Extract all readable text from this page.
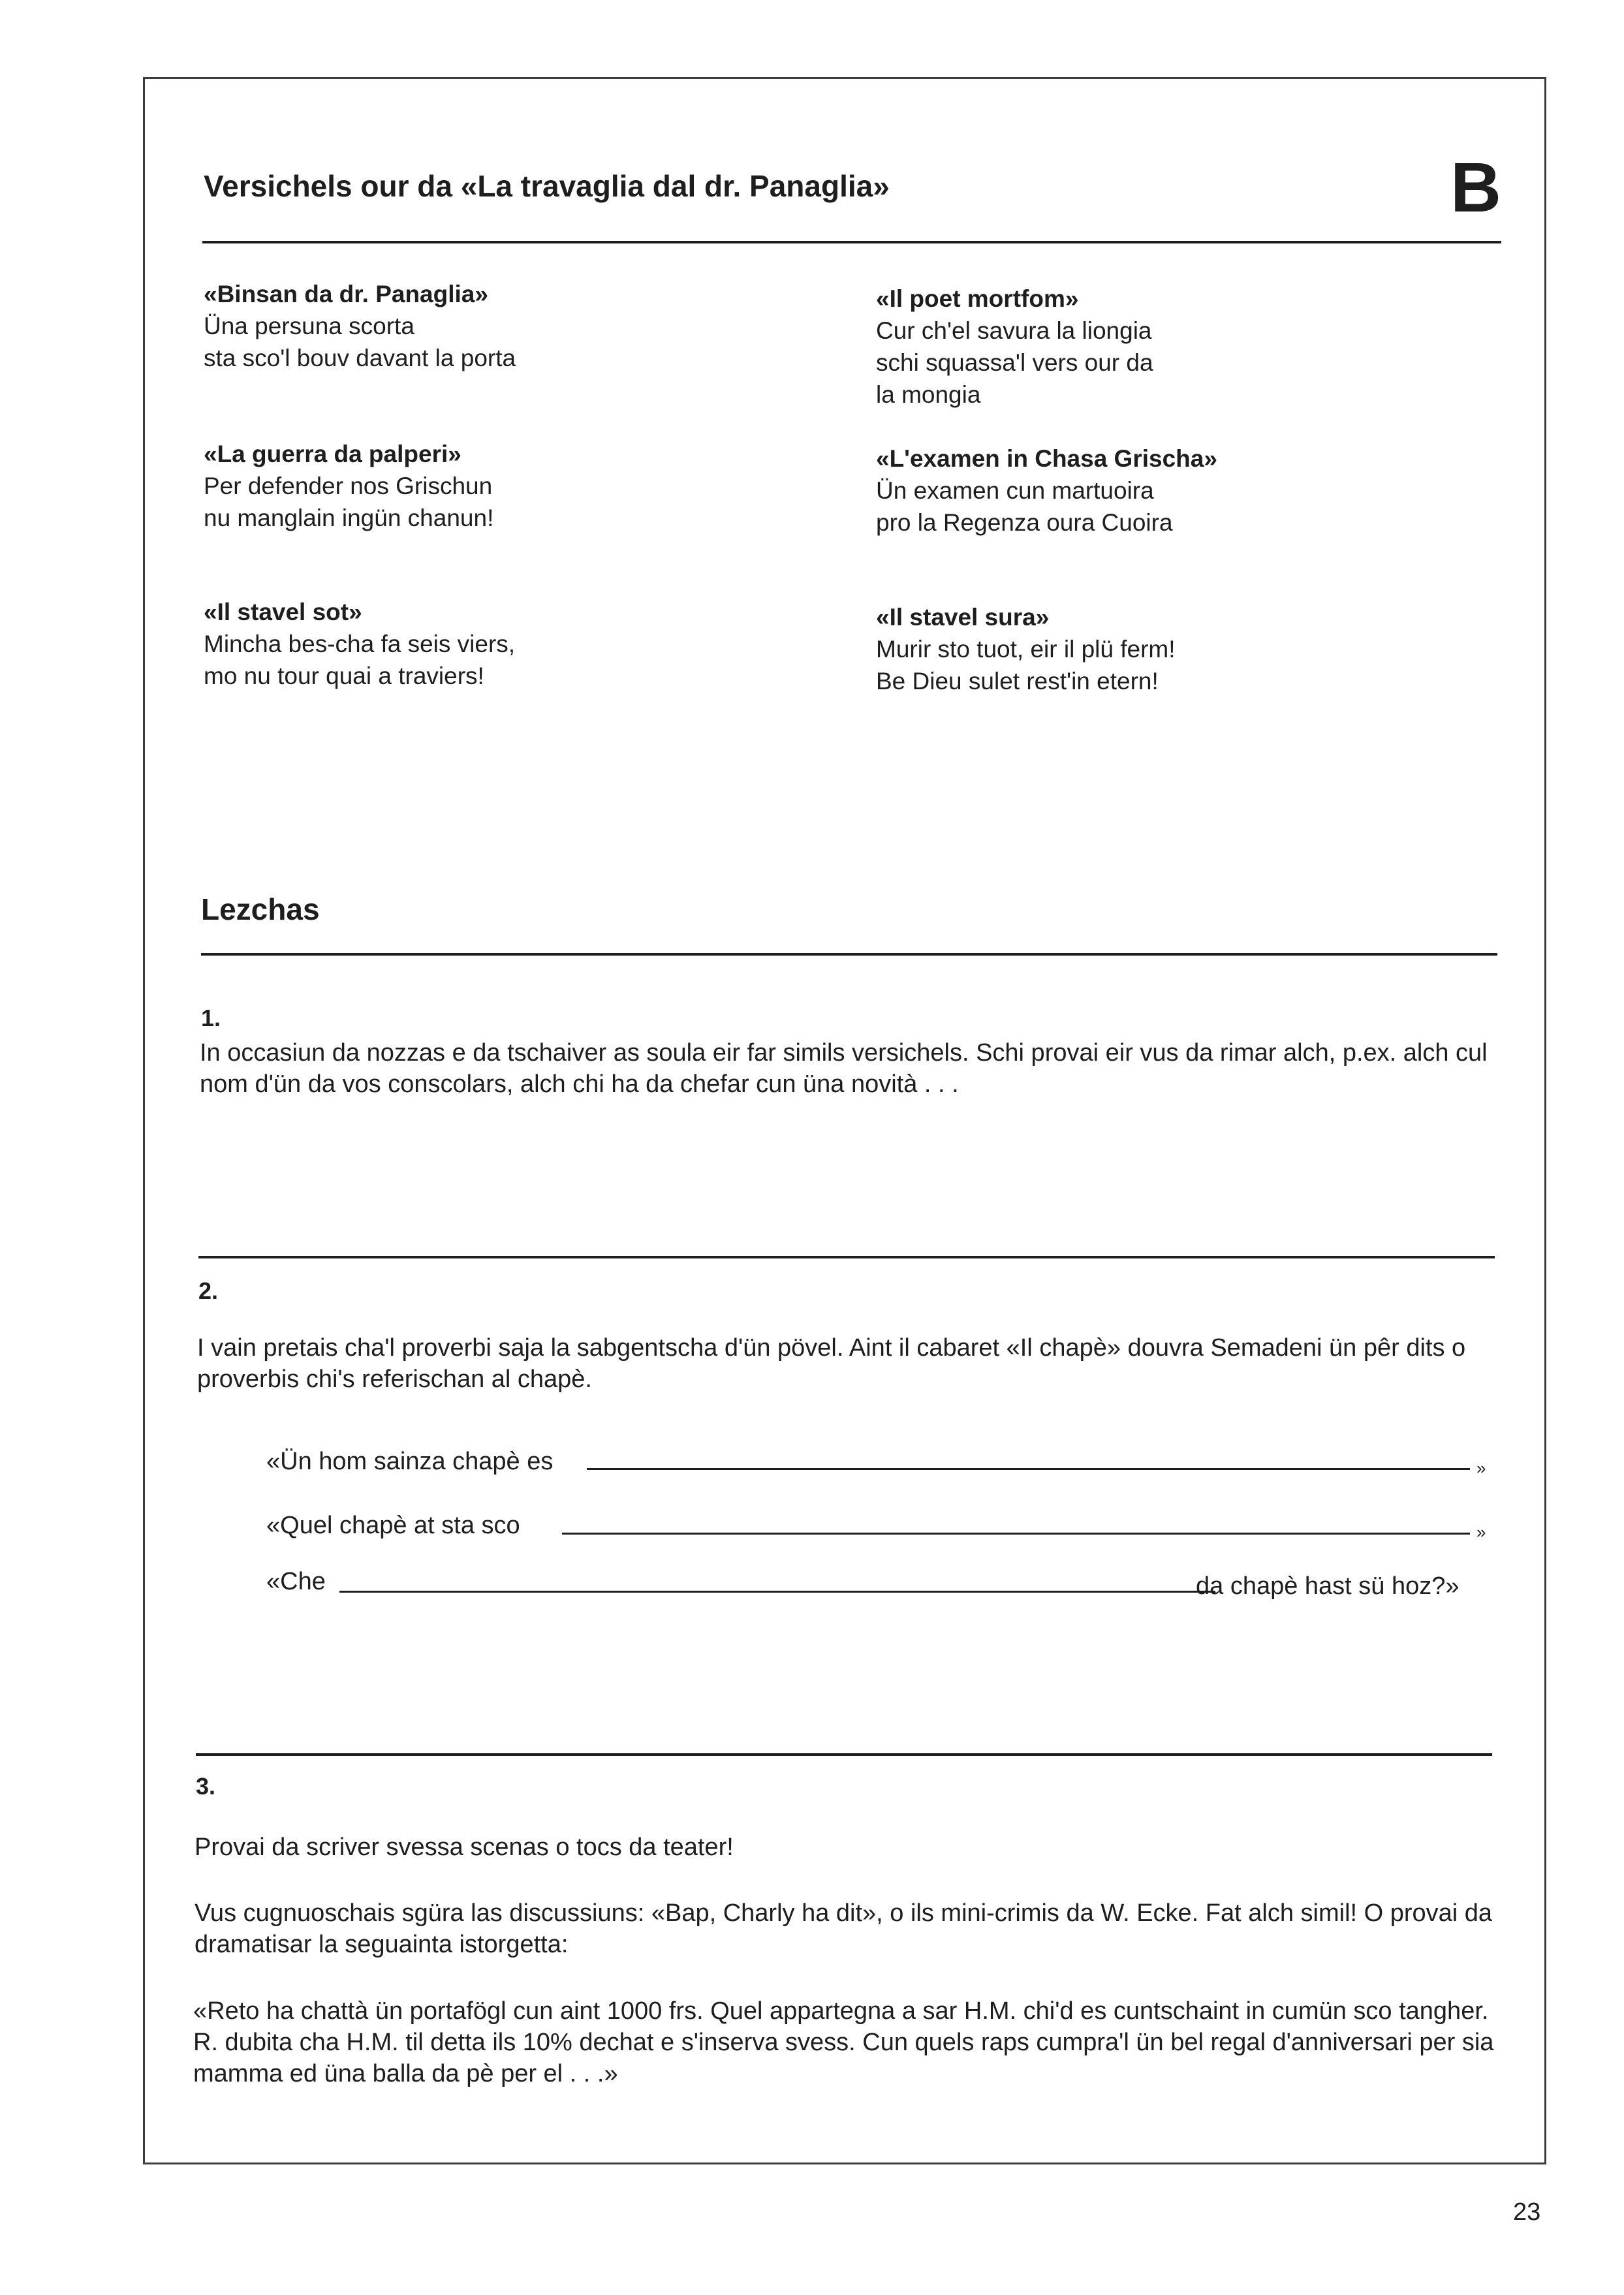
Versichels our da «La travaglia dal dr. Panaglia»	B
«Binsan da dr. Panaglia»
Üna persuna scorta
sta sco'l bouv davant la porta
«Il poet mortfom»
Cur ch'el savura la liongia
schi squassa'l vers our da
la mongia
«La guerra da palperi»
Per defender nos Grischun
nu manglain ingün chanun!
«L'examen in Chasa Grischa»
Ün examen cun martuoira
pro la Regenza oura Cuoira
«Il stavel sot»
Mincha bes-cha fa seis viers,
mo nu tour quai a traviers!
«Il stavel sura»
Murir sto tuot, eir il plü ferm!
Be Dieu sulet rest'in etern!
Lezchas
1.
In occasiun da nozzas e da tschaiver as soula eir far simils versichels. Schi provai eir vus da rimar alch, p.ex. alch cul nom d'ün da vos conscolars, alch chi ha da chefar cun üna novità . . .
2.
I vain pretais cha'l proverbi saja la sabgentscha d'ün pövel. Aint il cabaret «Il chapè» douvra Semadeni ün pêr dits o proverbis chi's referischan al chapè.
«Ün hom sainza chapè es	»
«Quel chapè at sta sco	»
«Che	da chapè hast sü hoz?»
3.
Provai da scriver svessa scenas o tocs da teater!
Vus cugnuoschais sgüra las discussiuns: «Bap, Charly ha dit», o ils mini-crimis da W. Ecke. Fat alch simil! O provai da dramatisar la seguainta istorgetta:
«Reto ha chattà ün portafögl cun aint 1000 frs. Quel appartegna a sar H.M. chi'd es cuntschaint in cumün sco tangher. R. dubita cha H.M. til detta ils 10% dechat e s'inserva svess. Cun quels raps cumpra'l ün bel regal d'anniversari per sia mamma ed üna balla da pè per el . . .»
23
